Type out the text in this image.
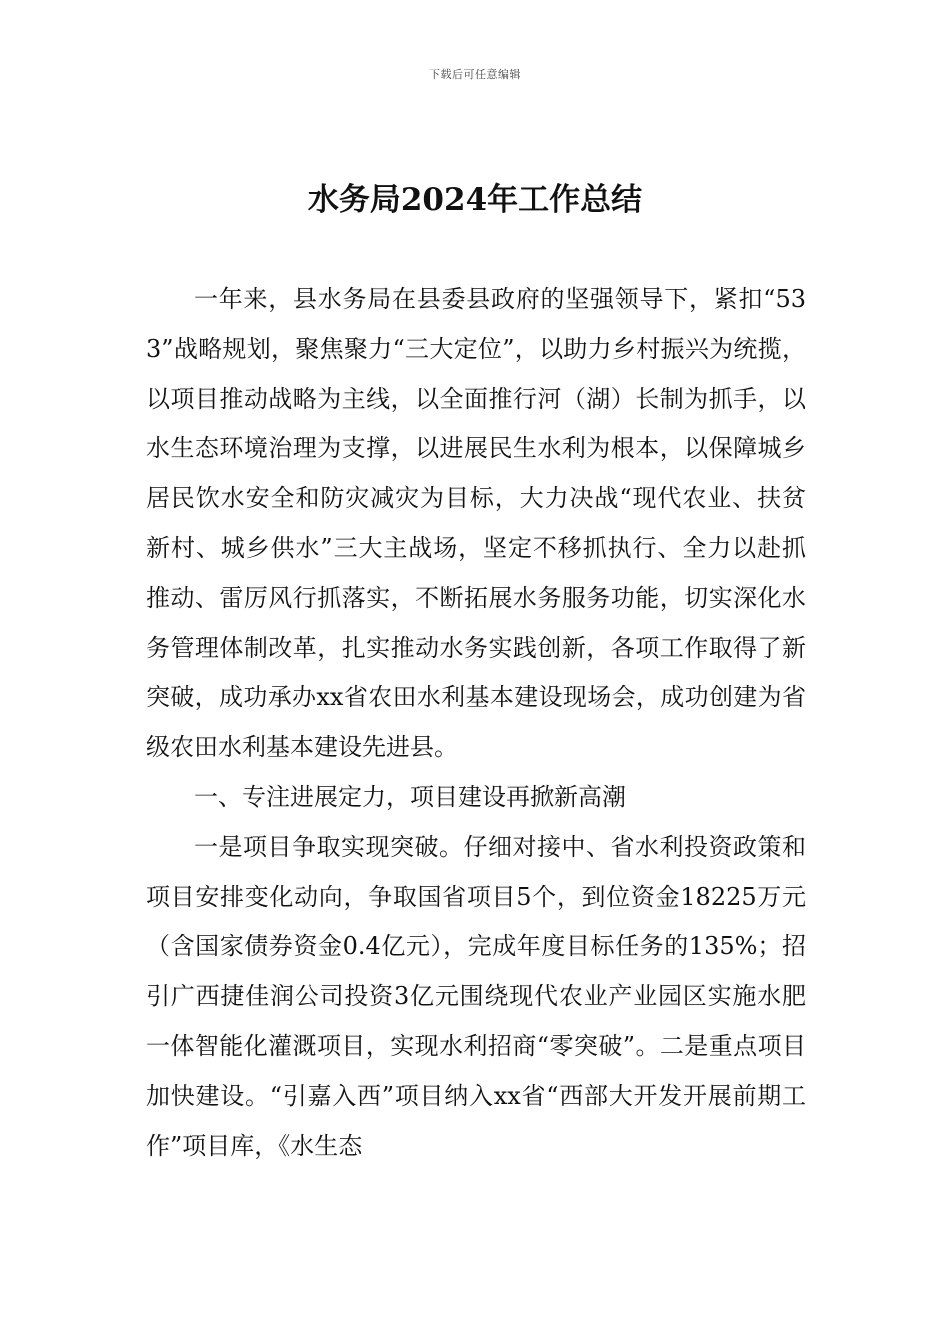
下载后可任意编辑
水务局2024年工作总结

一年来，县水务局在县委县政府的坚强领导下，紧扣“533”战略规划，聚焦聚力“三大定位”，以助力乡村振兴为统揽，以项目推动战略为主线，以全面推行河（湖）长制为抓手，以水生态环境治理为支撑，以进展民生水利为根本，以保障城乡居民饮水安全和防灾减灾为目标，大力决战“现代农业、扶贫新村、城乡供水”三大主战场，坚定不移抓执行、全力以赴抓推动、雷厉风行抓落实，不断拓展水务服务功能，切实深化水务管理体制改革，扎实推动水务实践创新，各项工作取得了新突破，成功承办xx省农田水利基本建设现场会，成功创建为省级农田水利基本建设先进县。

一、专注进展定力，项目建设再掀新高潮

一是项目争取实现突破。仔细对接中、省水利投资政策和项目安排变化动向，争取国省项目5个，到位资金18225万元（含国家债券资金0.4亿元），完成年度目标任务的135%；招引广西捷佳润公司投资3亿元围绕现代农业产业园区实施水肥一体智能化灌溉项目，实现水利招商“零突破”。二是重点项目加快建设。“引嘉入西”项目纳入xx省“西部大开发开展前期工作”项目库，《水生态
